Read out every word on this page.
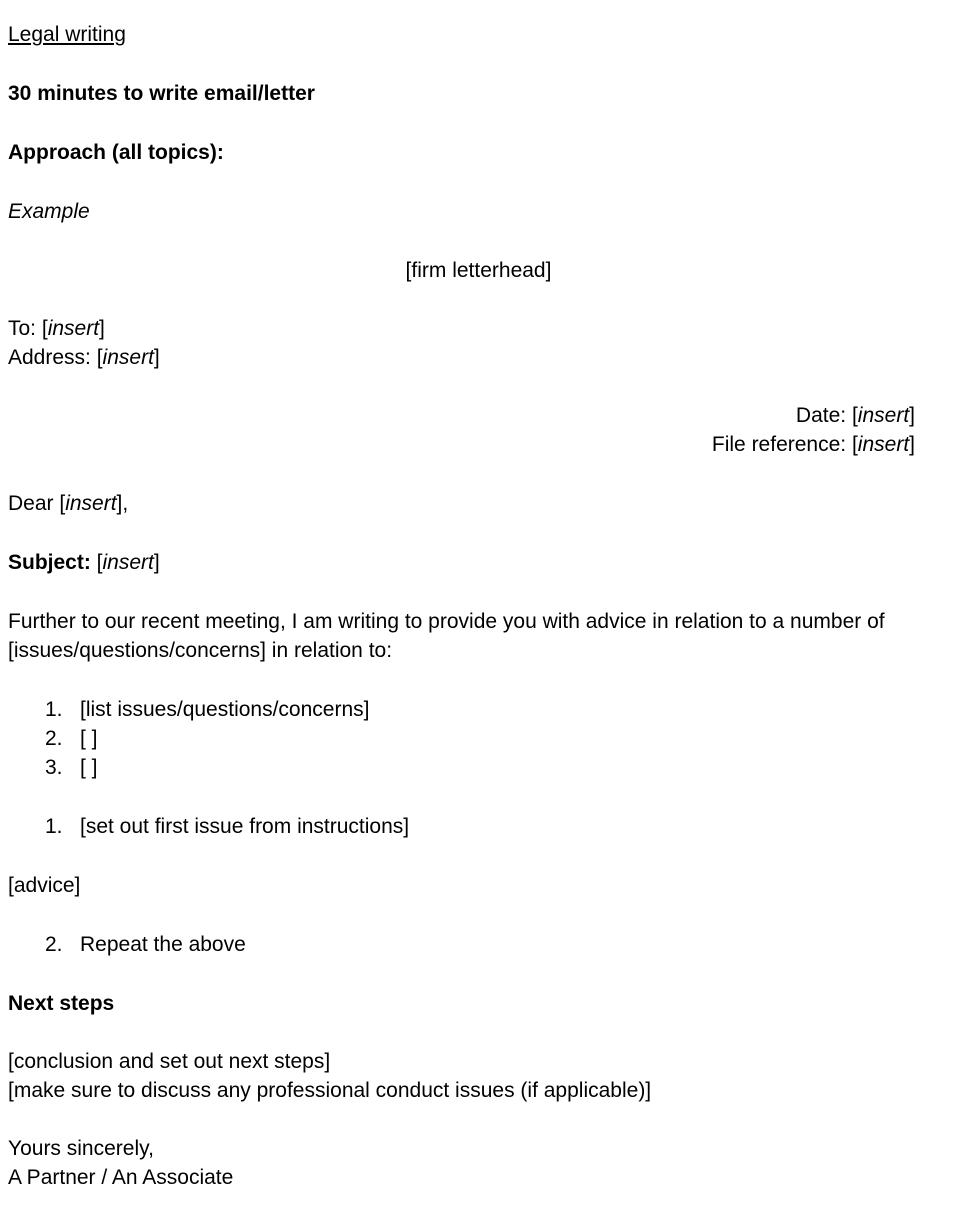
Legal writing

30 minutes to write email/letter

Approach (all topics):

Example

[firm letterhead]

To: [insert]

Address: [insert]

Date: [insert]

File reference: [insert]

Dear [insert],

Subject: [insert]

Further to our recent meeting, I am writing to provide you with advice in relation to a number of [issues/questions/concerns] in relation to:

1. [list issues/questions/concerns]
2. [ ]
3. [ ]
1. [set out first issue from instructions]

[advice]

2. Repeat the above

Next steps

[conclusion and set out next steps]

[make sure to discuss any professional conduct issues (if applicable)]

Yours sincerely,

A Partner / An Associate
